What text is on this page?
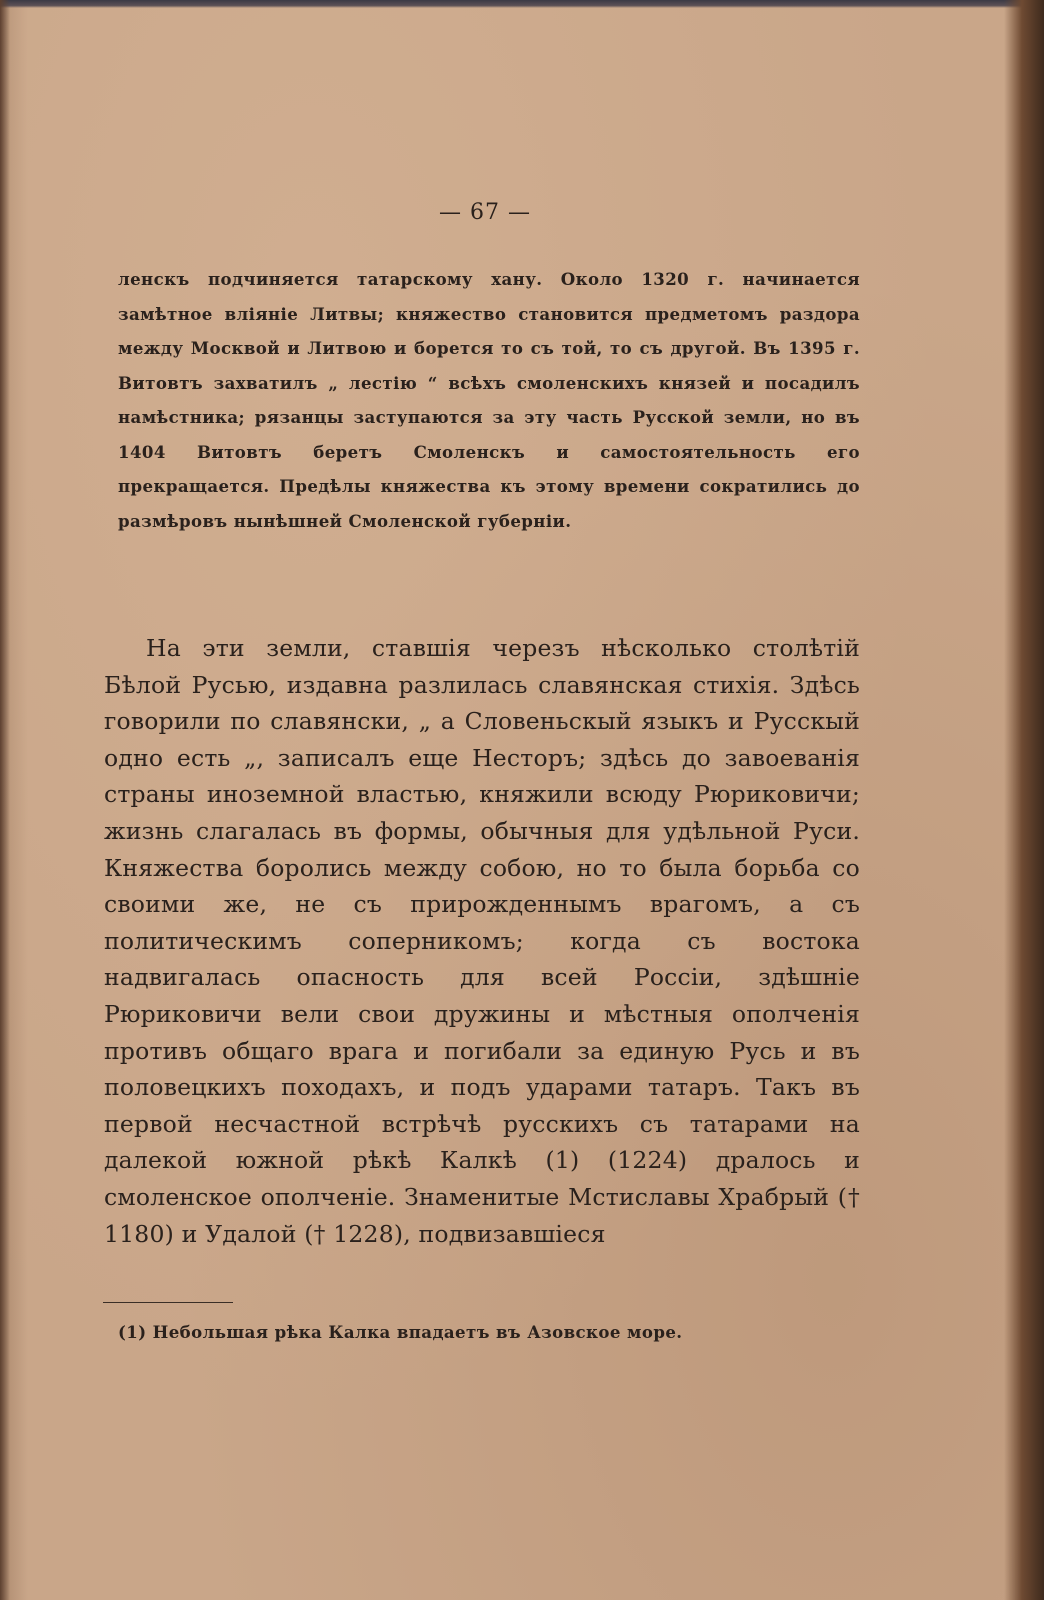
— 67 —

ленскъ подчиняется татарскому хану. Около 1320 г. начинается замѣтное вліяніе Литвы; княжество становится предметомъ раздора между Москвой и Литвою и борется то съ той, то съ другой. Въ 1395 г. Витовтъ захватилъ „ лестію “ всѣхъ смоленскихъ князей и посадилъ намѣстника; рязанцы заступаются за эту часть Русской земли, но въ 1404 Витовтъ беретъ Смоленскъ и самостоятельность его прекращается. Предѣлы княжества къ этому времени сократились до размѣровъ нынѣшней Смоленской губерніи.

На эти земли, ставшія черезъ нѣсколько столѣтій Бѣлой Русью, издавна разлилась славянская стихія. Здѣсь говорили по славянски, „ а Словеньскый языкъ и Русскый одно есть „, записалъ еще Несторъ; здѣсь до завоеванія страны иноземной властью, княжили всюду Рюриковичи; жизнь слагалась въ формы, обычныя для удѣльной Руси. Княжества боролись между собою, но то была борьба со своими же, не съ прирожденнымъ врагомъ, а съ политическимъ соперникомъ; когда съ востока надвигалась опасность для всей Россіи, здѣшніе Рюриковичи вели свои дружины и мѣстныя ополченія противъ общаго врага и погибали за единую Русь и въ половецкихъ походахъ, и подъ ударами татаръ. Такъ въ первой несчастной встрѣчѣ русскихъ съ татарами на далекой южной рѣкѣ Калкѣ (1) (1224) дралось и смоленское ополченіе. Знаменитые Мстиславы Храбрый († 1180) и Удалой († 1228), подвизавшіеся

(1) Небольшая рѣка Калка впадаетъ въ Азовское море.
